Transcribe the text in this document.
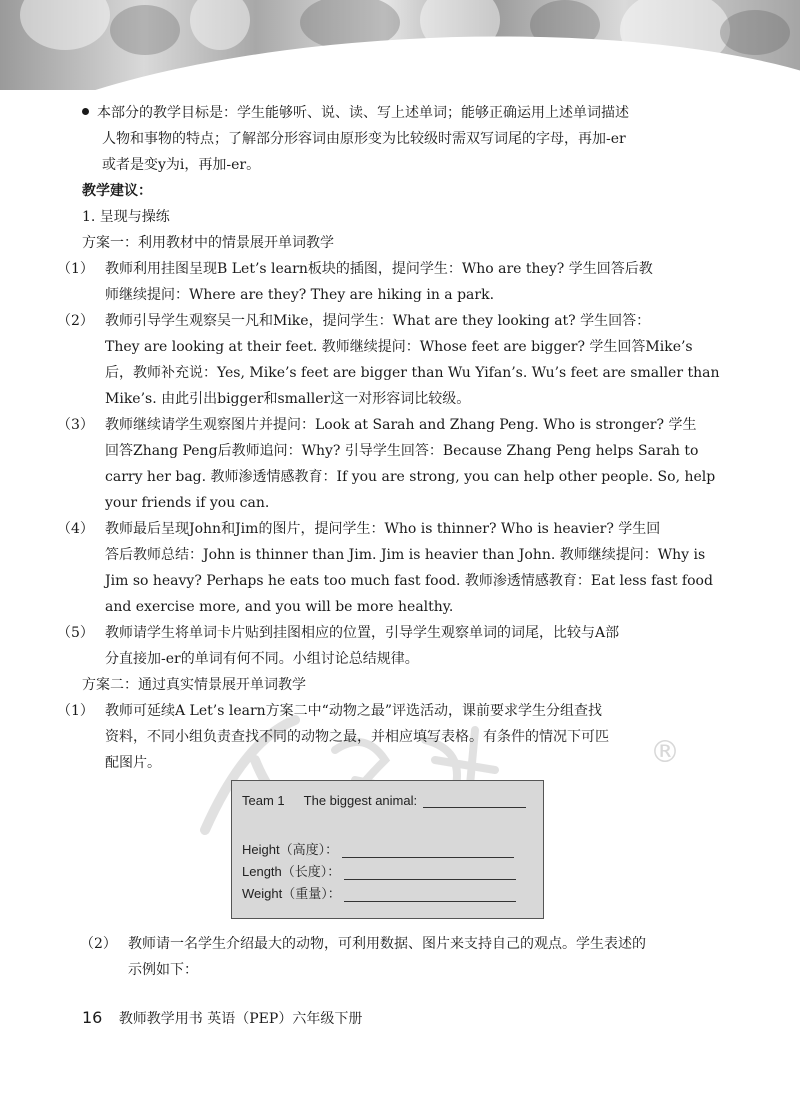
®
本部分的教学目标是：学生能够听、说、读、写上述单词；能够正确运用上述单词描述
人物和事物的特点；了解部分形容词由原形变为比较级时需双写词尾的字母，再加-er
或者是变y为i，再加-er。
教学建议：
1. 呈现与操练
方案一：利用教材中的情景展开单词教学
（1） 教师利用挂图呈现B Let’s learn板块的插图，提问学生：Who are they? 学生回答后教
师继续提问：Where are they? They are hiking in a park.
（2） 教师引导学生观察吴一凡和Mike，提问学生：What are they looking at? 学生回答：
They are looking at their feet. 教师继续提问：Whose feet are bigger? 学生回答Mike’s
后，教师补充说：Yes, Mike’s feet are bigger than Wu Yifan’s. Wu’s feet are smaller than
Mike’s. 由此引出bigger和smaller这一对形容词比较级。
（3） 教师继续请学生观察图片并提问：Look at Sarah and Zhang Peng. Who is stronger? 学生
回答Zhang Peng后教师追问：Why? 引导学生回答：Because Zhang Peng helps Sarah to
carry her bag. 教师渗透情感教育：If you are strong, you can help other people. So, help
your friends if you can.
（4） 教师最后呈现John和Jim的图片，提问学生：Who is thinner? Who is heavier? 学生回
答后教师总结：John is thinner than Jim. Jim is heavier than John. 教师继续提问：Why is
Jim so heavy? Perhaps he eats too much fast food. 教师渗透情感教育：Eat less fast food
and exercise more, and you will be more healthy.
（5） 教师请学生将单词卡片贴到挂图相应的位置，引导学生观察单词的词尾，比较与A部
分直接加-er的单词有何不同。小组讨论总结规律。
方案二：通过真实情景展开单词教学
（1） 教师可延续A Let’s learn方案二中“动物之最”评选活动，课前要求学生分组查找
资料，不同小组负责查找不同的动物之最，并相应填写表格。有条件的情况下可匹
配图片。
（2） 教师请一名学生介绍最大的动物，可利用数据、图片来支持自己的观点。学生表述的
示例如下：
Team 1 The biggest animal:
Height（高度）：
Length（长度）：
Weight（重量）：
16 教师教学用书 英语（PEP）六年级下册
